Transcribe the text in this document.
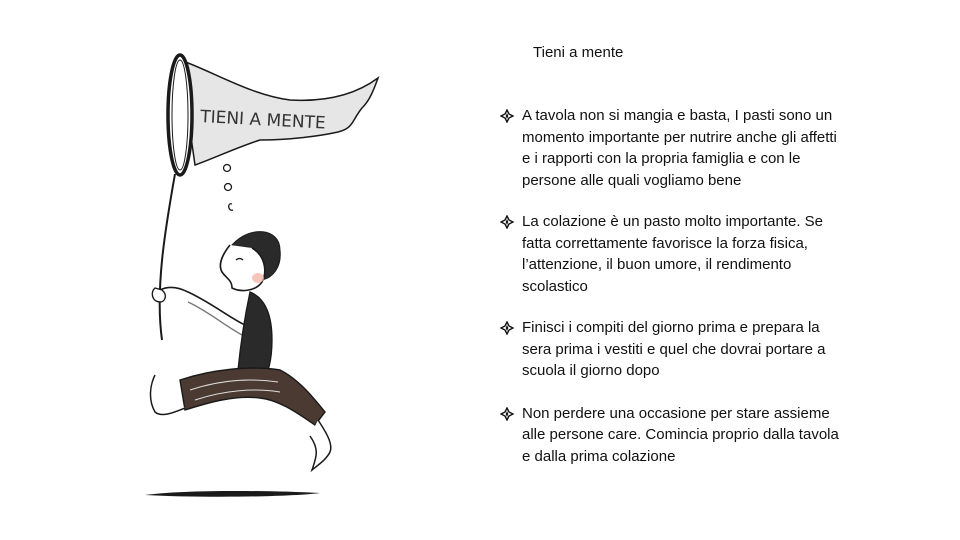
TIENI A MENTE
Tieni a mente
A tavola non si mangia e basta, I pasti sono un momento importante per nutrire anche gli affetti e i rapporti con la propria famiglia e con le persone alle quali vogliamo bene
La colazione è un pasto molto importante. Se fatta correttamente favorisce la forza fisica, l’attenzione, il buon umore, il rendimento scolastico
Finisci i compiti del giorno prima e prepara la sera prima i vestiti e quel che dovrai portare a scuola il giorno dopo
Non perdere una occasione per stare assieme alle persone care. Comincia proprio dalla tavola e dalla prima colazione
